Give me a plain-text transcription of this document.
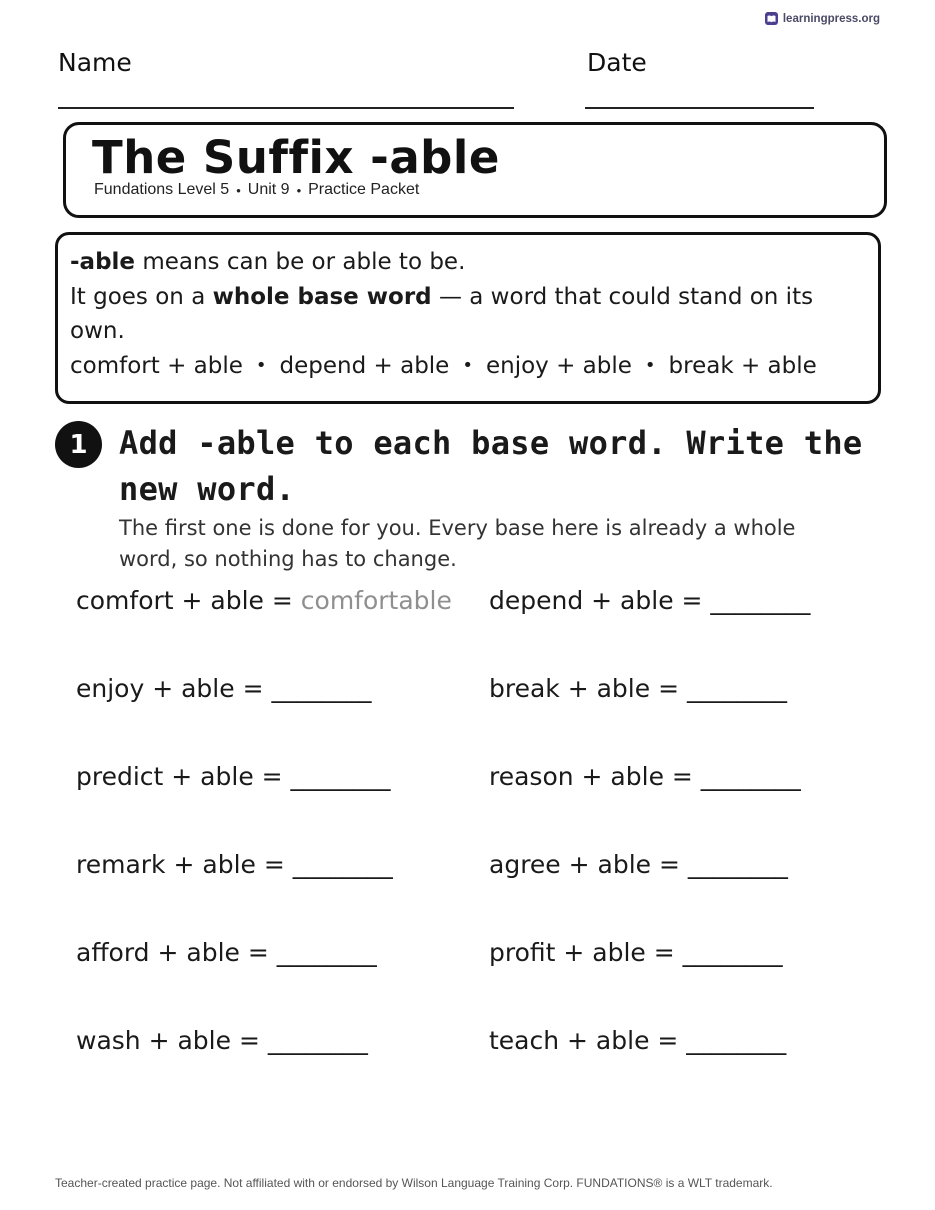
learningpress.org
Name	Date
The Suffix -able
Fundations Level 5 • Unit 9 • Practice Packet

-able means can be or able to be.

It goes on a whole base word — a word that could stand on its own.

comfort + able • depend + able • enjoy + able • break + able

1 Add -able to each base word. Write the new word.
The first one is done for you. Every base here is already a whole word, so nothing has to change.
comfort + able = comfortable depend + able = ________
enjoy + able = ________	break + able = ________
predict + able = ________	reason + able = ________
remark + able = ________	agree + able = ________
afford + able = ________	profit + able = ________
wash + able = ________	teach + able = ________
Teacher-created practice page. Not affiliated with or endorsed by Wilson Language Training Corp. FUNDATIONS® is a WLT trademark.
